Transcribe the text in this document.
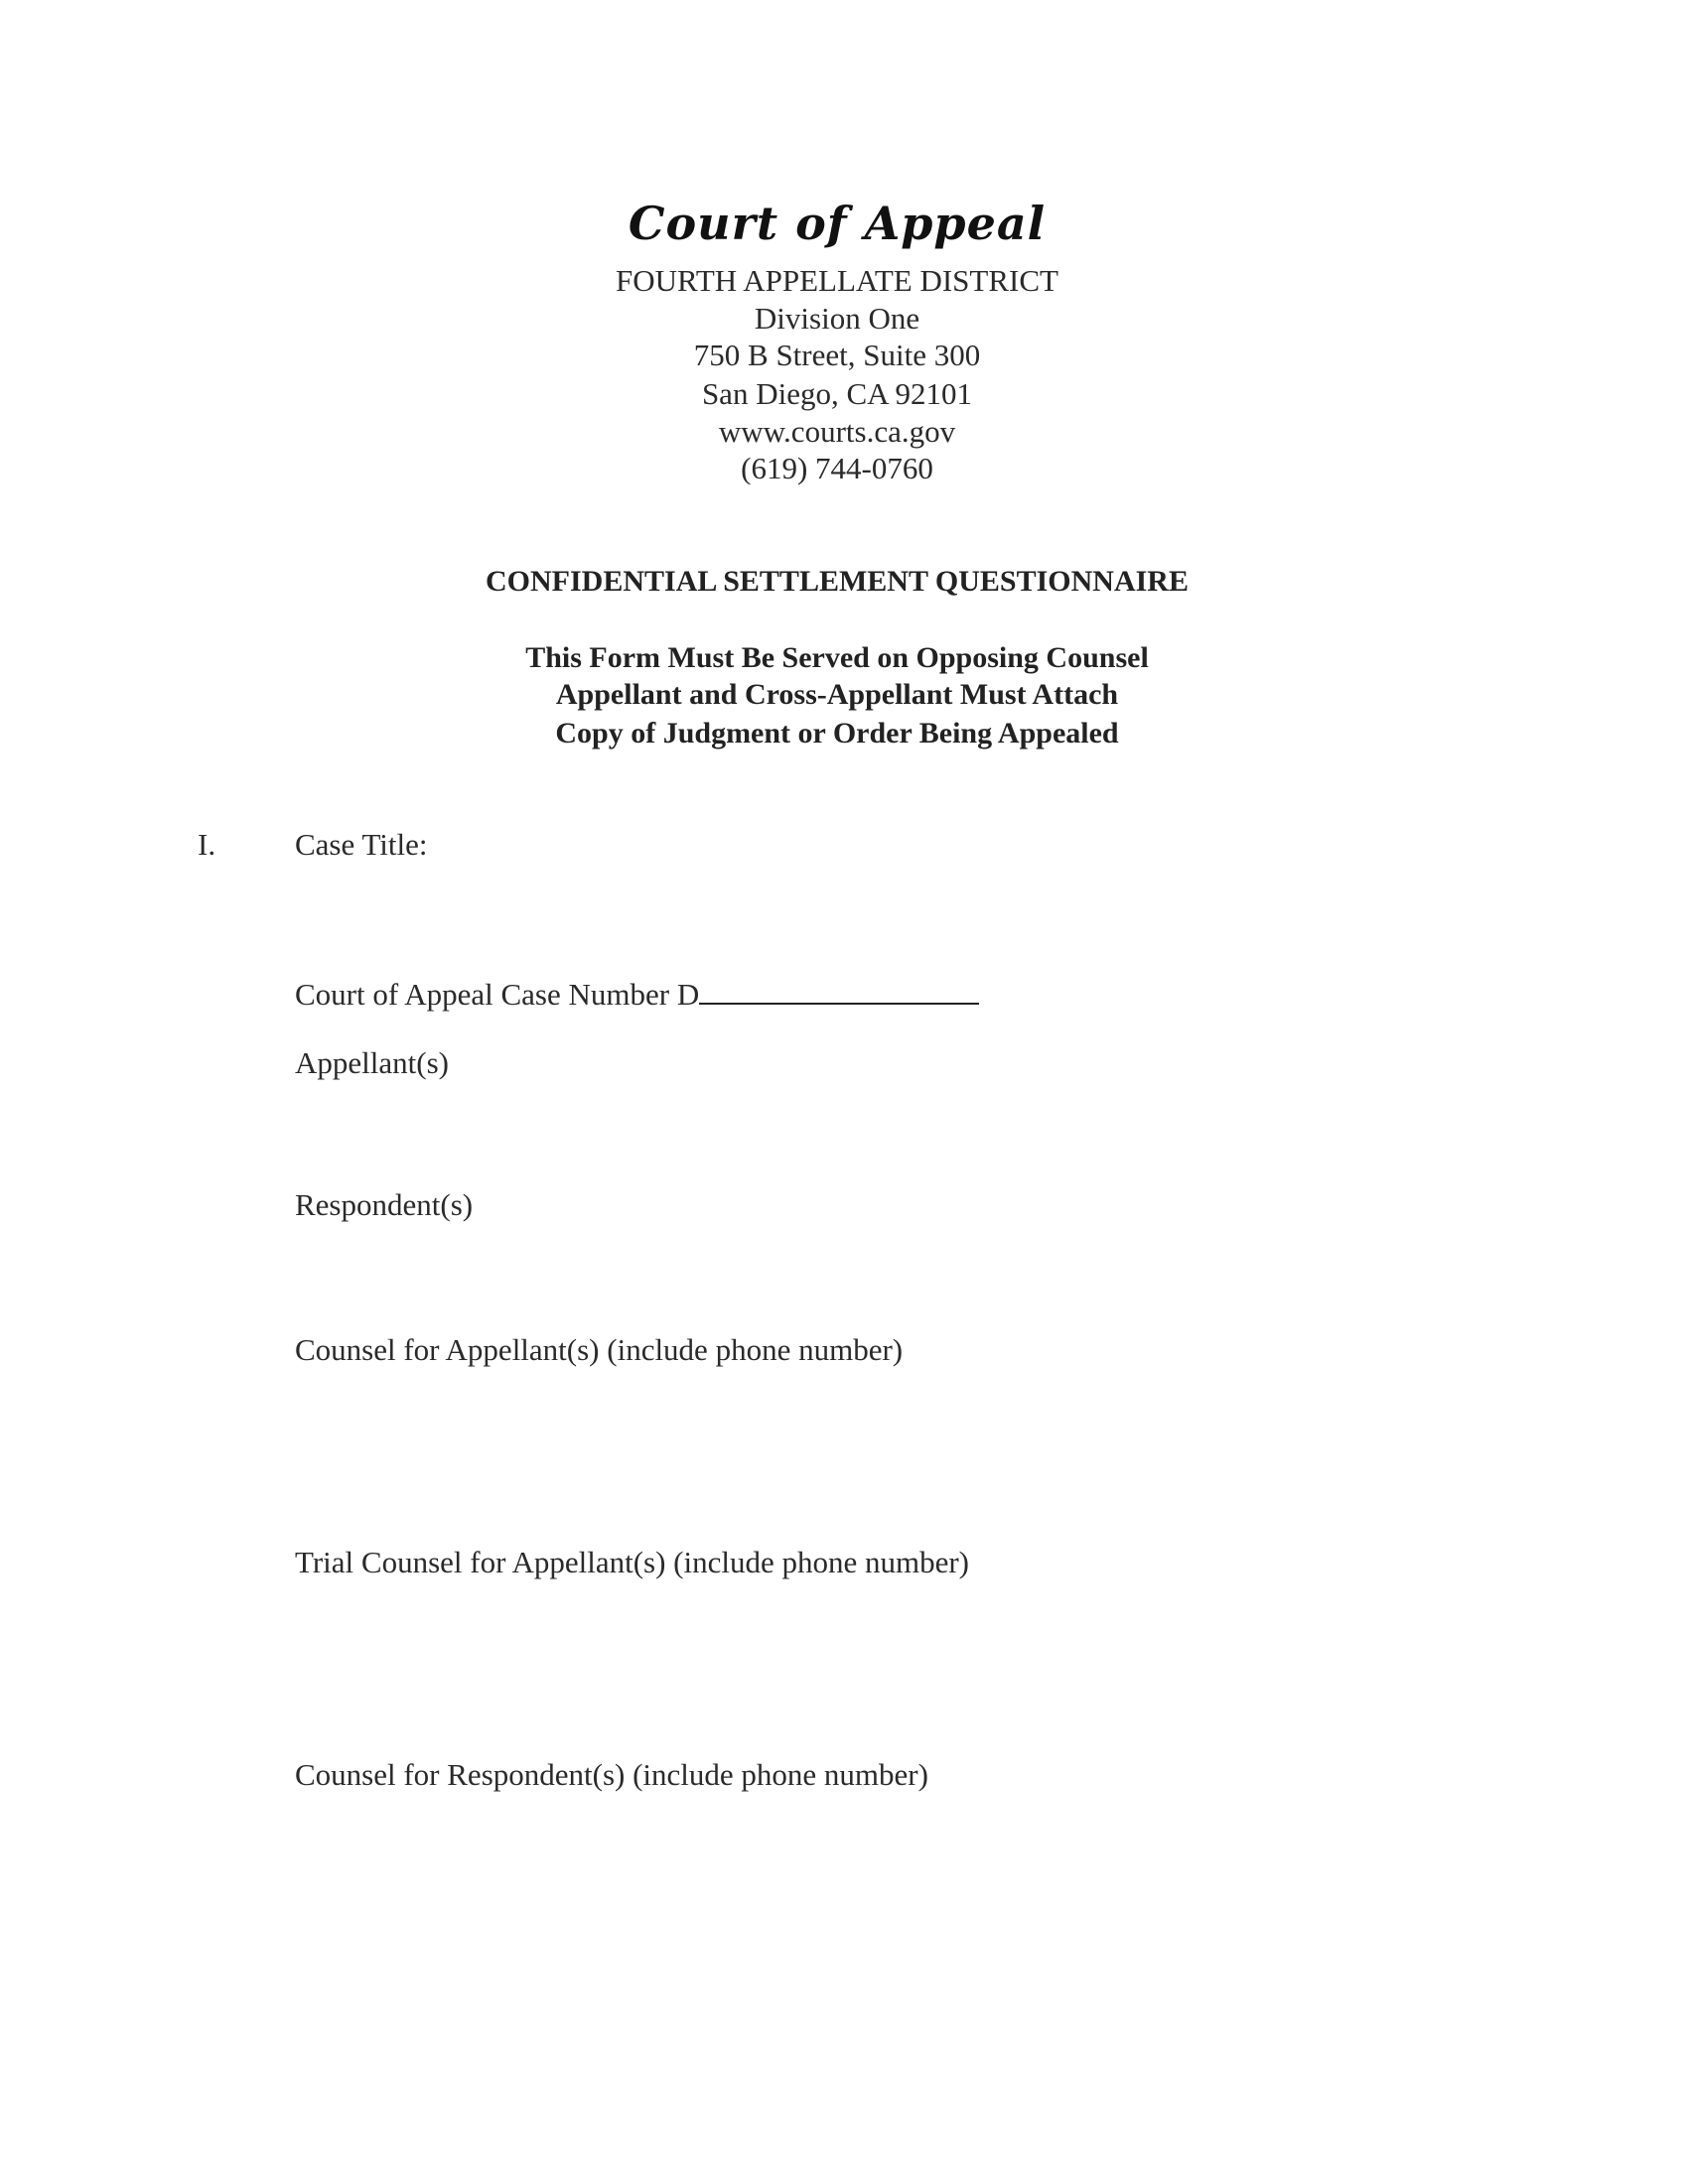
Court of Appeal
FOURTH APPELLATE DISTRICT
Division One
750 B Street, Suite 300
San Diego, CA 92101
www.courts.ca.gov
(619) 744-0760
CONFIDENTIAL SETTLEMENT QUESTIONNAIRE
This Form Must Be Served on Opposing Counsel
Appellant and Cross-Appellant Must Attach
Copy of Judgment or Order Being Appealed
I.	Case Title:
Court of Appeal Case Number D
Appellant(s)
Respondent(s)
Counsel for Appellant(s) (include phone number)
Trial Counsel for Appellant(s) (include phone number)
Counsel for Respondent(s) (include phone number)
